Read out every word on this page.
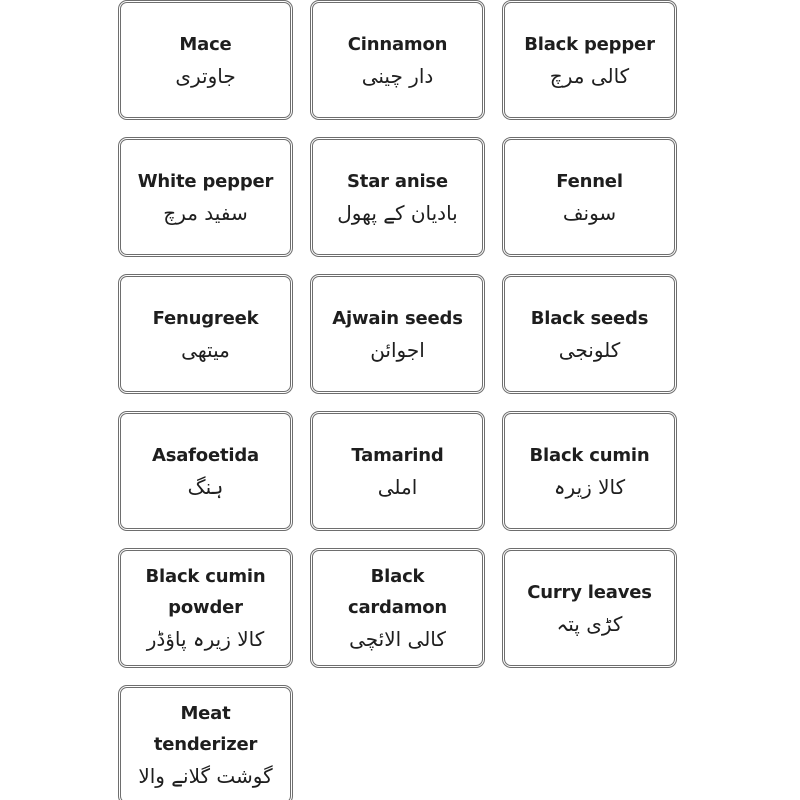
Mace
جاوتری
Cinnamon
دار چینی
Black pepper
کالی مرچ
White pepper
سفید مرچ
Star anise
بادیان کے پھول
Fennel
سونف
Fenugreek
میتھی
Ajwain seeds
اجوائن
Black seeds
کلونجی
Asafoetida
ہنگ
Tamarind
املی
Black cumin
کالا زیرہ
Black cumin powder
کالا زیرہ پاؤڈر
Black cardamon
کالی الائچی
Curry leaves
کڑی پتہ
Meat tenderizer
گوشت گلانے والا
